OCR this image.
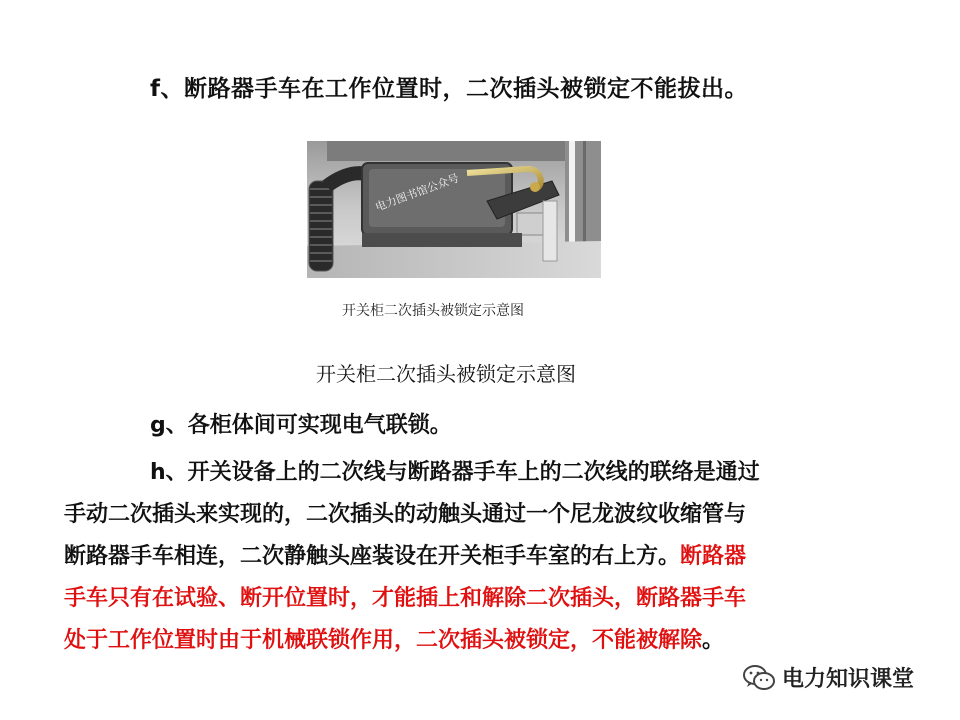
f、断路器手车在工作位置时，二次插头被锁定不能拔出。
电力图书馆公众号
开关柜二次插头被锁定示意图
开关柜二次插头被锁定示意图
g、各柜体间可实现电气联锁。
h、开关设备上的二次线与断路器手车上的二次线的联络是通过
手动二次插头来实现的，二次插头的动触头通过一个尼龙波纹收缩管与
断路器手车相连，二次静触头座装设在开关柜手车室的右上方。断路器
手车只有在试验、断开位置时，才能插上和解除二次插头，断路器手车
处于工作位置时由于机械联锁作用，二次插头被锁定，不能被解除。
电力知识课堂
